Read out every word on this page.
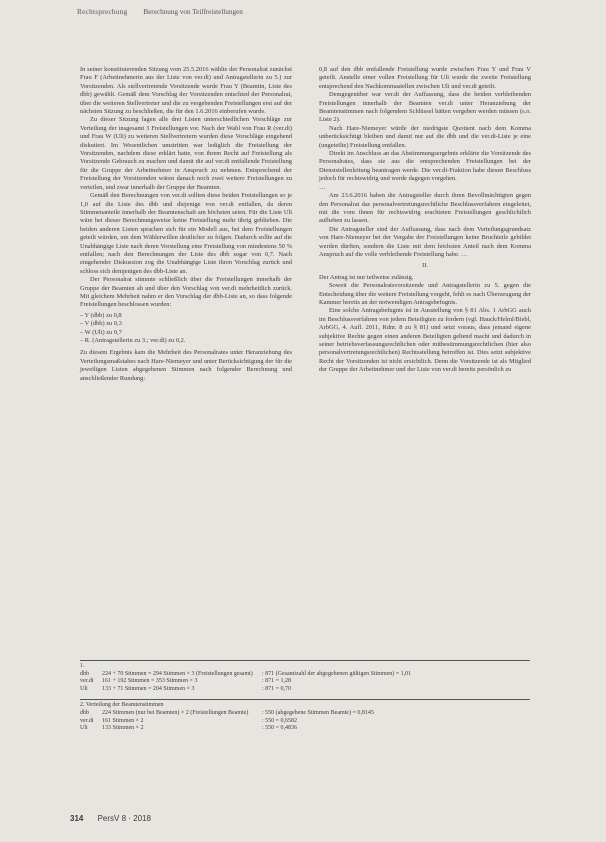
Rechtsprechung Berechnung von Teilfreistellungen

In seiner konstituierenden Sitzung vom 25.5.2016 wählte der Personalrat zunächst Frau F (Arbeitnehmerin aus der Liste von ver.di) und Antragstellerin zu 5.) zur Vorsitzenden. Als stellvertretende Vorsitzende wurde Frau Y (Beamtin, Liste des dbb) gewählt. Gemäß dem Vorschlag der Vorsitzenden entschied der Personalrat, über die weiteren Stellvertreter und die zu vergebenden Freistellungen erst auf der nächsten Sitzung zu beschließen, die für den 1.6.2016 einberufen wurde.

Zu dieser Sitzung lagen alle drei Listen unterschiedlichen Vorschläge zur Verteilung der insgesamt 3 Freistellungen vor. Nach der Wahl von Frau R (ver.di) und Frau W (Uli) zu weiteren Stellvertretern wurden diese Vorschläge eingehend diskutiert. Im Wesentlichen umstritten war lediglich die Freistellung der Vorsitzenden, nachdem diese erklärt hatte, von ihrem Recht auf Freistellung als Vorsitzende Gebrauch zu machen und damit die auf ver.di entfallende Freistellung für die Gruppe der Arbeitnehmer in Anspruch zu nehmen. Entsprechend der Freistellung der Vorsitzenden wären danach noch zwei weitere Freistellungen zu verteilen, und zwar innerhalb der Gruppe der Beamten.

Gemäß den Berechnungen von ver.di sollten diese beiden Freistellungen so je 1,0 auf die Liste des dbb und diejenige von ver.di entfallen, da deren Stimmenanteile innerhalb der Beamtenschaft am höchsten seien. Für die Liste Uli wäre bei dieser Berechnungsweise keine Freistellung mehr übrig geblieben. Die beiden anderen Listen sprachen sich für ein Modell aus, bei dem Freistellungen geteilt würden, um dem Wählerwillen deutlicher zu folgen. Dadurch sollte auf die Unabhängige Liste nach deren Vorstellung eine Freistellung von mindestens 50 % entfallen; nach den Berechnungen der Liste des dbb sogar von 0,7. Nach eingehender Diskussion zog die Unabhängige Liste ihren Vorschlag zurück und schloss sich demjenigen des dbb-Liste an.

Der Personalrat stimmte schließlich über die Freistellungen innerhalb der Gruppe der Beamten ab und über den Vorschlag von ver.di mehrheitlich zurück. Mit gleichem Mehrheit nahm er den Vorschlag der dbb-Liste an, so dass folgende Freistellungen beschlossen wurden:

– Y (dbb) zu 0,8
– V (dbb) zu 0,3
– W (Uli) zu 0,7
– R. (Antragstellerin zu 3.; ver.di) zu 0,2.

Zu diesem Ergebnis kam die Mehrheit des Personalrates unter Heranziehung des Verteilungsmaßstabes nach Hare-Niemeyer und unter Berücksichtigung der für die jeweiligen Listen abgegebenen Stimmen nach folgender Berechnung und anschließender Rundung:

0,8 auf den dbb entfallende Freistellung wurde zwischen Frau Y und Frau V geteilt. Anstelle einer vollen Freistellung für Uli wurde die zweite Freistellung entsprechend den Nachkommastellen zwischen Uli und ver.di geteilt.

Demgegenüber war ver.di der Auffassung, dass die beiden verbleibenden Freistellungen innerhalb der Beamten ver.di unter Heranziehung der Beamtenstimmen nach folgendem Schlüssel hätten vergeben werden müssen (s.o. Liste 2).

Nach Hare-Niemeyer würde der niedrigste Quotient nach dem Komma unberücksichtigt bleiben und damit nur auf die dbb und die ver.di-Liste je eine (ungeteilte) Freistellung entfallen.

Direkt im Anschluss an das Abstimmungsergebnis erklärte die Vorsitzende des Personalrates, dass sie aus die entsprechenden Freistellungen bei der Dienststellenleitung beantragen werde. Die ver.di-Fraktion habe diesen Beschluss jedoch für rechtswidrig und werde dagegen vorgehen.

…

Am 23.6.2016 haben die Antragsteller durch ihren Bevollmächtigten gegen den Personalrat das personalvertretungsrechtliche Beschlussverfahren eingeleitet, mit die vom ihnen für rechtswidrig erachteten Freistellungen geschlichtlich aufheben zu lassen.

Die Antragsteller sind der Auffassung, dass nach dem Verteilungsgrundsatz von Hare-Niemeyer bei der Vergabe der Freistellungen keine Bruchteile gebildet werden dürften, sondern die Liste mit dem höchsten Anteil nach dem Komma Anspruch auf die volle verbleibende Freistellung habe. …

II.

Der Antrag ist nur teilweise zulässig.

Soweit die Personalratsvorsitzende und Antragstellerin zu 5. gegen die Entscheidung über die weitere Freistellung vorgeht, fehlt es nach Überzeugung der Kammer bereits an der notwendigen Antragsbefugnis.

Eine solche Antragsbefugnis ist in Ausstellung von § 81 Abs. 1 ArbGG auch im Beschlussverfahren von jedem Beteiligten zu fordern (vgl. Hauck/Helml/Biebl, ArbGG, 4. Aufl. 2011, Rdnr. 8 zu § 81) und setzt voraus, dass jemand eigene subjektive Rechte gegen einen anderen Beteiligten geltend macht und dadurch in seiner betriebsverfassungsrechtlichen oder mitbestimmungsrechtlichen (hier also personalvertretungsrechtlichen) Rechtsstellung betroffen ist. Dies setzt subjektive Recht der Vorsitzenden ist nicht ersichtlich. Denn die Vorsitzende ist als Mitglied der Gruppe der Arbeitnehmer und der Liste von ver.di bereits persönlich zu

1.
dbb	224 + 70 Stimmen = 294 Stimmen × 3 (Freistellungen gesamt)	: 871 (Gesamtzahl der abgegebenen gültigen Stimmen) = 1,01
ver.di	161 + 192 Stimmen = 353 Stimmen × 3	: 871 = 1,28
Uli	133 + 71 Stimmen = 204 Stimmen × 3	: 871 = 0,70
2. Verteilung der Beamtenstimmen
dbb	224 Stimmen (nur bei Beamten) × 2 (Freistellungen Beamte)	: 550 (abgegebene Stimmen Beamte) = 0,8145
ver.di	161 Stimmen × 2	: 550 = 0,6582
Uli	133 Stimmen × 2	: 550 = 0,4836
314 PersV 8 · 2018
